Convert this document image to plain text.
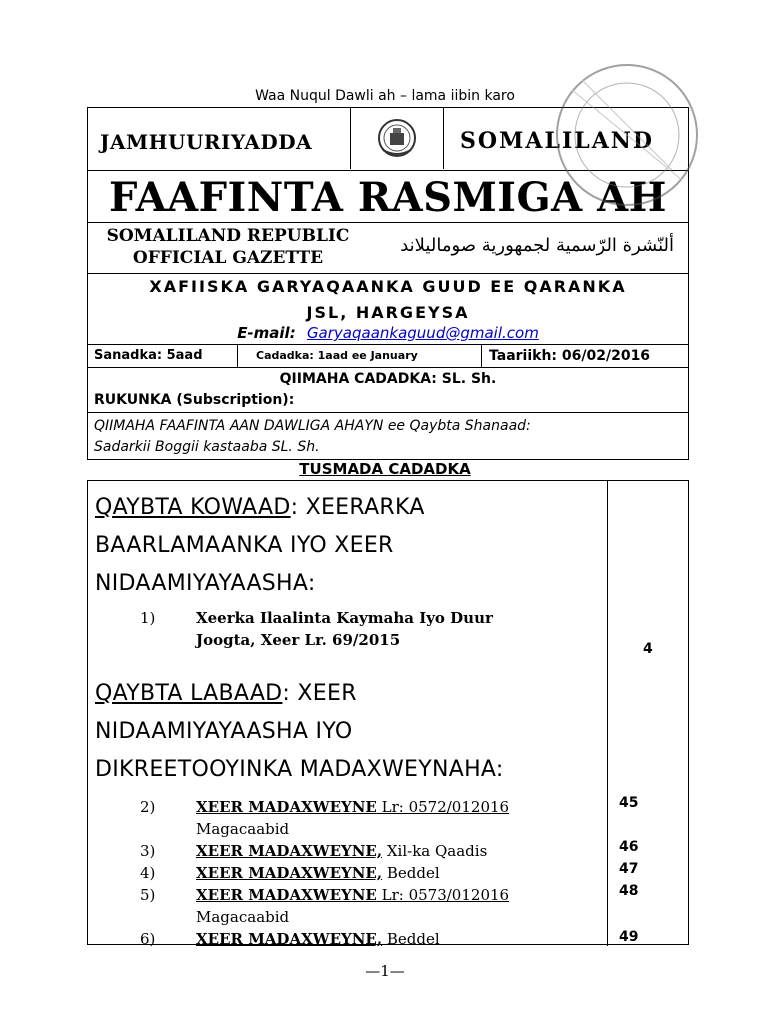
Waa Nuqul Dawli ah – lama iibin karo
JAMHUURIYADDA	SOMALILAND
FAAFINTA RASMIGA AH
SOMALILAND REPUBLIC
OFFICIAL GAZETTE
ألنّشرة الرّسمية لجمهورية صوماليلاند
XAFIISKA GARYAQAANKA GUUD EE QARANKA
JSL, HARGEYSA
E-mail: Garyaqaankaguud@gmail.com
Sanadka: 5aad	Cadadka: 1aad ee January	Taariikh: 06/02/2016
QIIMAHA CADADKA: SL. Sh.
RUKUNKA (Subscription):
QIIMAHA FAAFINTA AAN DAWLIGA AHAYN ee Qaybta Shanaad:
Sadarkii Boggii kastaaba SL. Sh.
TUSMADA CADADKA
QAYBTA KOWAAD: XEERARKA
BAARLAMAANKA IYO XEER
NIDAAMIYAYAASHA:
1)	Xeerka Ilaalinta Kaymaha Iyo Duur
Joogta, Xeer Lr. 69/2015	4
QAYBTA LABAAD: XEER
NIDAAMIYAYAASHA IYO
DIKREETOOYINKA MADAXWEYNAHA:
2)	XEER MADAXWEYNE Lr: 0572/012016
Magacaabid
45
3)	XEER MADAXWEYNE, Xil-ka Qaadis	46
4)	XEER MADAXWEYNE, Beddel	47
5)	XEER MADAXWEYNE Lr: 0573/012016
Magacaabid
48
6)	XEER MADAXWEYNE, Beddel	49
—1—
